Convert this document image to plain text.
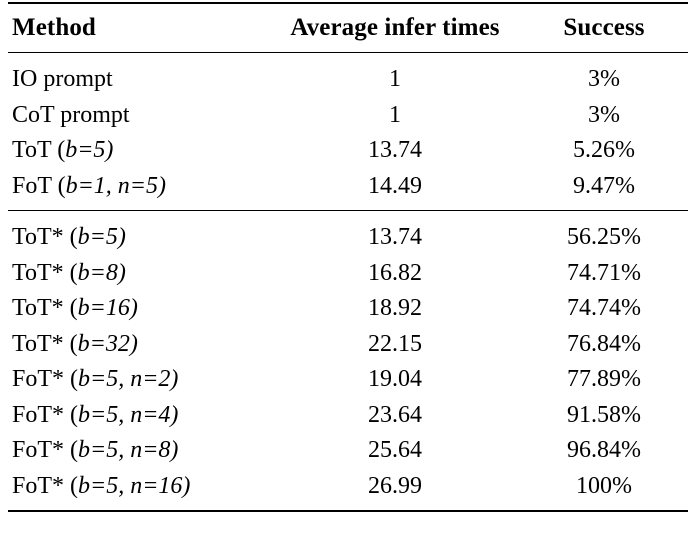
Method	Average infer times	Success

IO prompt	1	3%
CoT prompt	1	3%
ToT (b=5)	13.74	5.26%
FoT (b=1, n=5)	14.49	9.47%

ToT* (b=5)	13.74	56.25%
ToT* (b=8)	16.82	74.71%
ToT* (b=16)	18.92	74.74%
ToT* (b=32)	22.15	76.84%
FoT* (b=5, n=2)	19.04	77.89%
FoT* (b=5, n=4)	23.64	91.58%
FoT* (b=5, n=8)	25.64	96.84%
FoT* (b=5, n=16)	26.99	100%
